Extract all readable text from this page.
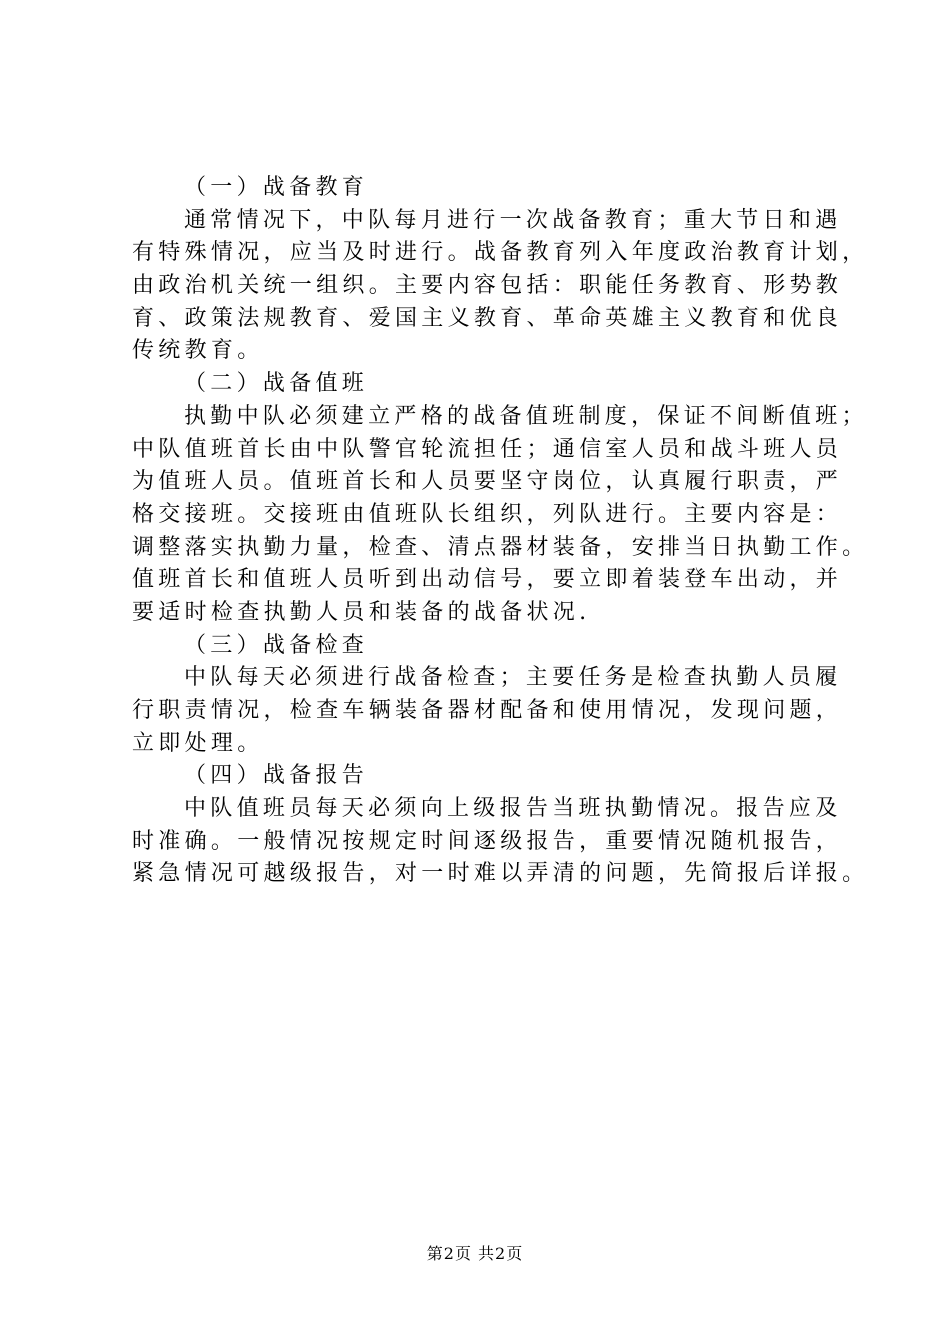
（一）战备教育
通常情况下，中队每月进行一次战备教育；重大节日和遇
有特殊情况，应当及时进行。战备教育列入年度政治教育计划，
由政治机关统一组织。主要内容包括：职能任务教育、形势教
育、政策法规教育、爱国主义教育、革命英雄主义教育和优良
传统教育。
（二）战备值班
执勤中队必须建立严格的战备值班制度，保证不间断值班；
中队值班首长由中队警官轮流担任；通信室人员和战斗班人员
为值班人员。值班首长和人员要坚守岗位，认真履行职责，严
格交接班。交接班由值班队长组织，列队进行。主要内容是：
调整落实执勤力量，检查、清点器材装备，安排当日执勤工作。
值班首长和值班人员听到出动信号，要立即着装登车出动，并
要适时检查执勤人员和装备的战备状况.
（三）战备检查
中队每天必须进行战备检查；主要任务是检查执勤人员履
行职责情况，检查车辆装备器材配备和使用情况，发现问题，
立即处理。
（四）战备报告
中队值班员每天必须向上级报告当班执勤情况。报告应及
时准确。一般情况按规定时间逐级报告，重要情况随机报告，
紧急情况可越级报告，对一时难以弄清的问题，先简报后详报。
第2页 共2页
